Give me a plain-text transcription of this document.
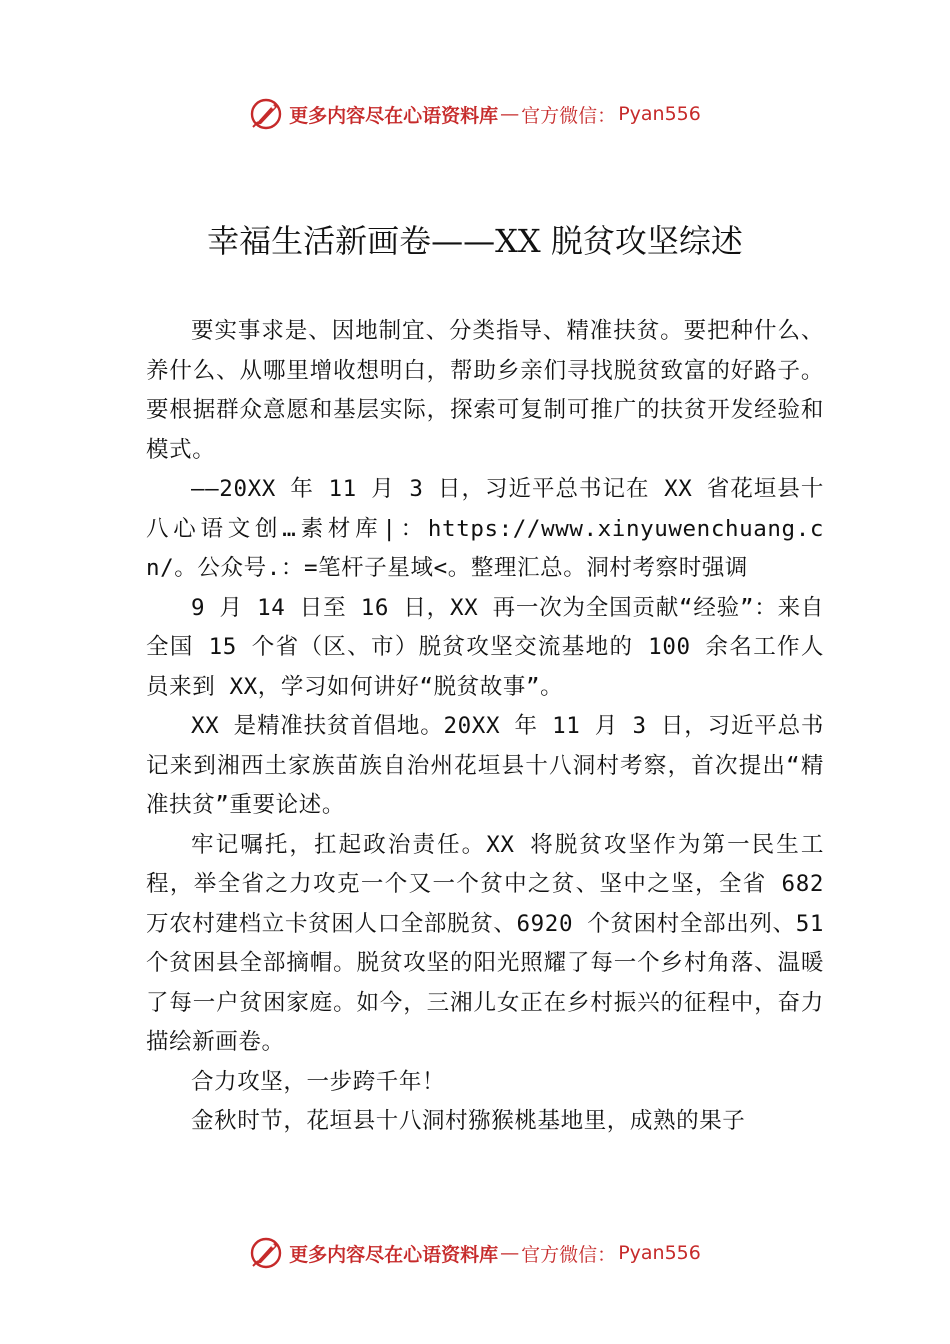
更多内容尽在心语资料库 — 官方微信： Pyan556
幸福生活新画卷——XX 脱贫攻坚综述

要实事求是、因地制宜、分类指导、精准扶贫。要把种什么、养什么、从哪里增收想明白，帮助乡亲们寻找脱贫致富的好路子。要根据群众意愿和基层实际，探索可复制可推广的扶贫开发经验和模式。

——20XX 年 11 月 3 日，习近平总书记在 XX 省花垣县十八心语文创…素材库|：https://www.xinyuwenchuang.cn/。公众号.：=笔杆子星域<。整理汇总。洞村考察时强调

9 月 14 日至 16 日，XX 再一次为全国贡献“经验”：来自全国 15 个省（区、市）脱贫攻坚交流基地的 100 余名工作人员来到 XX，学习如何讲好“脱贫故事”。

XX 是精准扶贫首倡地。20XX 年 11 月 3 日，习近平总书记来到湘西土家族苗族自治州花垣县十八洞村考察，首次提出“精准扶贫”重要论述。

牢记嘱托，扛起政治责任。XX 将脱贫攻坚作为第一民生工程，举全省之力攻克一个又一个贫中之贫、坚中之坚，全省 682 万农村建档立卡贫困人口全部脱贫、6920 个贫困村全部出列、51 个贫困县全部摘帽。脱贫攻坚的阳光照耀了每一个乡村角落、温暖了每一户贫困家庭。如今，三湘儿女正在乡村振兴的征程中，奋力描绘新画卷。

合力攻坚，一步跨千年！

金秋时节，花垣县十八洞村猕猴桃基地里，成熟的果子

更多内容尽在心语资料库 — 官方微信： Pyan556
